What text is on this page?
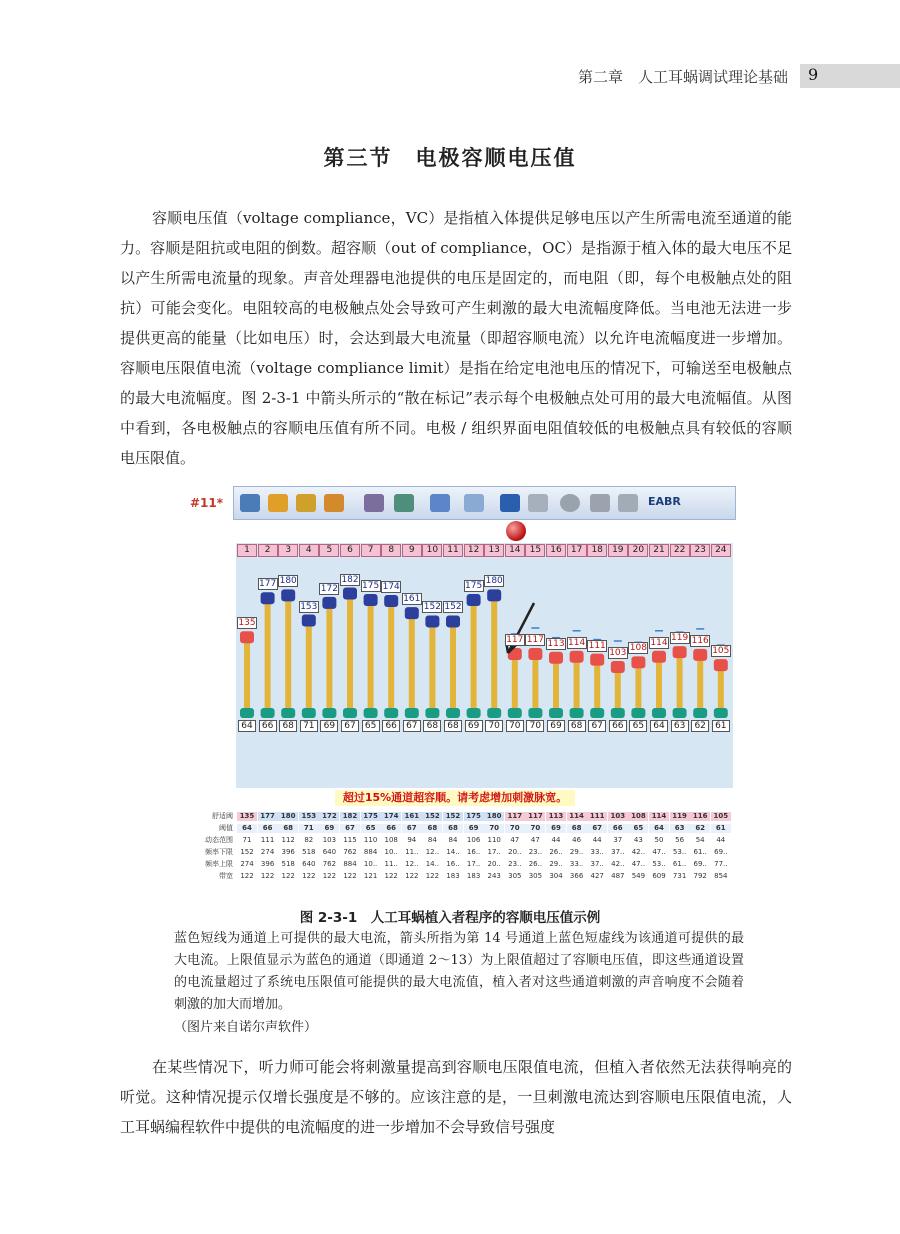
第二章　人工耳蜗调试理论基础 9
第三节　电极容顺电压值

容顺电压值（voltage compliance，VC）是指植入体提供足够电压以产生所需电流至通道的能力。容顺是阻抗或电阻的倒数。超容顺（out of compliance，OC）是指源于植入体的最大电压不足以产生所需电流量的现象。声音处理器电池提供的电压是固定的，而电阻（即，每个电极触点处的阻抗）可能会变化。电阻较高的电极触点处会导致可产生刺激的最大电流幅度降低。当电池无法进一步提供更高的能量（比如电压）时，会达到最大电流量（即超容顺电流）以允许电流幅度进一步增加。容顺电压限值电流（voltage compliance limit）是指在给定电池电压的情况下，可输送至电极触点的最大电流幅度。图 2-3-1 中箭头所示的“散在标记”表示每个电极触点处可用的最大电流幅值。从图中看到，各电极触点的容顺电压值有所不同。电极 / 组织界面电阻值较低的电极触点具有较低的容顺电压限值。

#11*	EABR
1	2	3	4	5	6	7	8	9	10	11	12	13	14	15	16	17	18	19	20	21	22	23	24
超过15%通道超容顺。请考虑增加刺激脉宽。
舒适阈 135 177 180 153 172 182 175 174 161 152 152 175 180 117 117 113 114 111 103 108 114 119 116 105
阈值	64	66	68	71	69	67	65	66	67	68	68	69	70	70	70	69	68	67	66	65	64	63	62	61
动态范围	71	111	112	82	103	115	110	108	94	84	84	106	110	47	47	44	46	44	37	43	50	56	54	44
频率下限	152	274	396	518	640	762	884	10..	11..	12..	14..	16..	17..	20..	23..	26..	29..	33..	37..	42..	47..	53..	61..	69..
频率上限	274	396	518	640	762	884	10..	11..	12..	14..	16..	17..	20..	23..	26..	29..	33..	37..	42..	47..	53..	61..	69..	77..
带宽	122	122	122	122	122	122	121	122	122	122	183	183	243	305	305	304	366	427	487	549	609	731	792	854
135
64
177
66
180
68
153
71
172
69
182
67
175
65
174
66
161
67
152
68
152
68
175
69
180
70
117
70
117
70
113
69
114
68
111
67
103
66
108
65
114
64
119
63
116
62
105
61

图 2-3-1　人工耳蜗植入者程序的容顺电压值示例

蓝色短线为通道上可提供的最大电流，箭头所指为第 14 号通道上蓝色短虚线为该通道可提供的最大电流。上限值显示为蓝色的通道（即通道 2～13）为上限值超过了容顺电压值，即这些通道设置的电流量超过了系统电压限值可能提供的最大电流值，植入者对这些通道刺激的声音响度不会随着刺激的加大而增加。

（图片来自诺尔声软件）

在某些情况下，听力师可能会将刺激量提高到容顺电压限值电流，但植入者依然无法获得响亮的听觉。这种情况提示仅增长强度是不够的。应该注意的是，一旦刺激电流达到容顺电压限值电流，人工耳蜗编程软件中提供的电流幅度的进一步增加不会导致信号强度
